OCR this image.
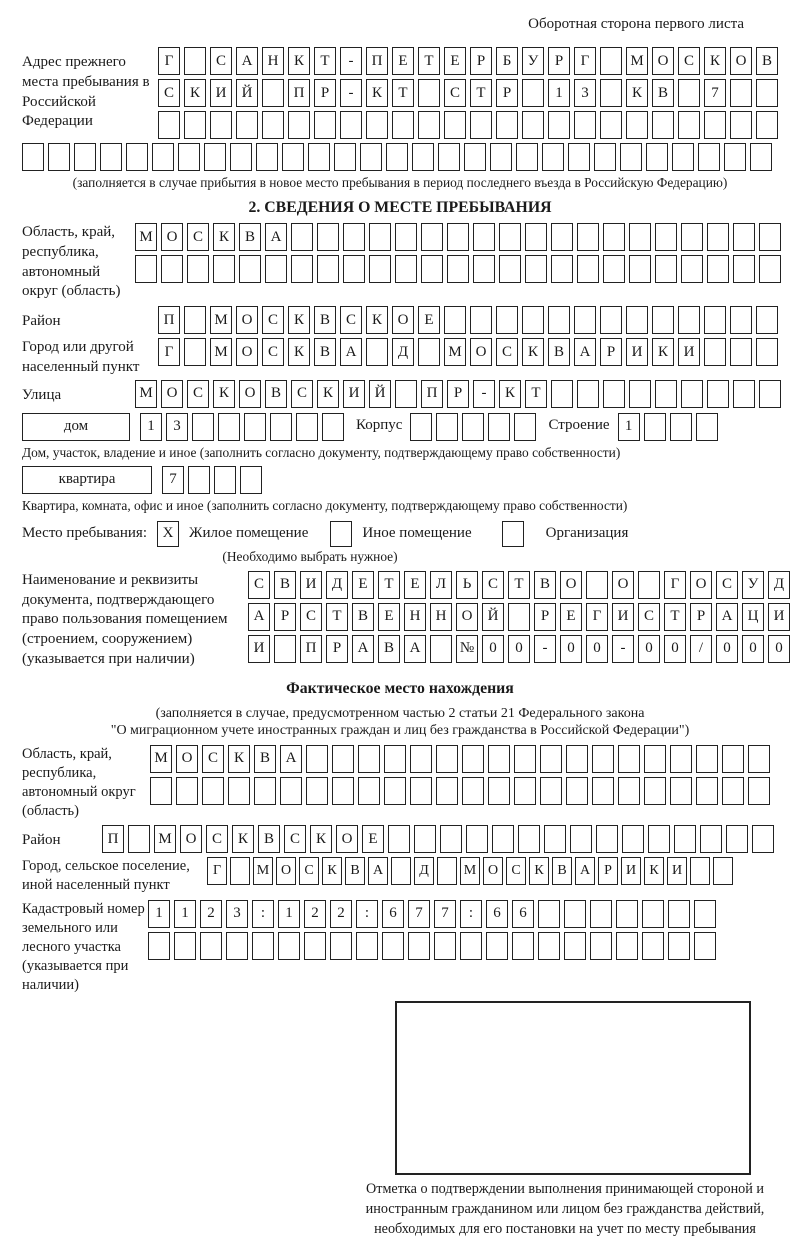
Оборотная сторона первого листа
Адрес прежнего места пребывания в Российской Федерации
Г	С	А	Н	К	Т	-	П	Е	Т	Е	Р	Б	У	Р	Г	М О	С	К	О	В
С	К	И	Й	П	Р	-	К	Т	С	Т	Р	1	3	К	В	7
(заполняется в случае прибытия в новое место пребывания в период последнего въезда в Российскую Федерацию)
2. СВЕДЕНИЯ О МЕСТЕ ПРЕБЫВАНИЯ
Область, край, республика, автономный округ (область)
М О	С	К	В	А
Район	П	М О	С	К	В	С	К	О	Е
Город или другой населенный пункт
Г	М О	С	К	В	А	Д	М О	С	К	В	А	Р	И	К	И
Улица	М О	С	К	О	В	С	К	И	Й	П	Р	-	К	Т
дом	1	3	Корпус	Строение	1
Дом, участок, владение и иное (заполнить согласно документу, подтверждающему право собственности)
квартира	7
Квартира, комната, офис и иное (заполнить согласно документу, подтверждающему право собственности)
Место пребывания:	X	Жилое помещение	Иное помещение	Организация
(Необходимо выбрать нужное)
Наименование и реквизиты документа, подтверждающего право пользования помещением (строением, сооружением) (указывается при наличии)
С	В	И	Д	Е	Т	Е	Л	Ь	С	Т	В	О	О	Г	О	С	У	Д
А	Р	С	Т	В	Е	Н	Н	О	Й	Р	Е	Г	И	С	Т	Р	А	Ц	И
И	П	Р	А	В	А	№	0	0	-	0	0	-	0	0	/	0	0	0
Фактическое место нахождения
(заполняется в случае, предусмотренном частью 2 статьи 21 Федерального закона
"О миграционном учете иностранных граждан и лиц без гражданства в Российской Федерации")
Область, край, республика, автономный округ (область)
М О	С	К	В	А
Район	П	М О	С	К	В	С	К	О	Е
Город, сельское поселение, иной населенный пункт
Г	М О С К В А	Д	М О С К В А	Р	И К И
Кадастровый номер земельного или лесного участка (указывается при наличии)
1	1	2	3	:	1	2	2	:	6	7	7	:	6	6
Отметка о подтверждении выполнения принимающей стороной и иностранным гражданином или лицом без гражданства действий, необходимых для его постановки на учет по месту пребывания
